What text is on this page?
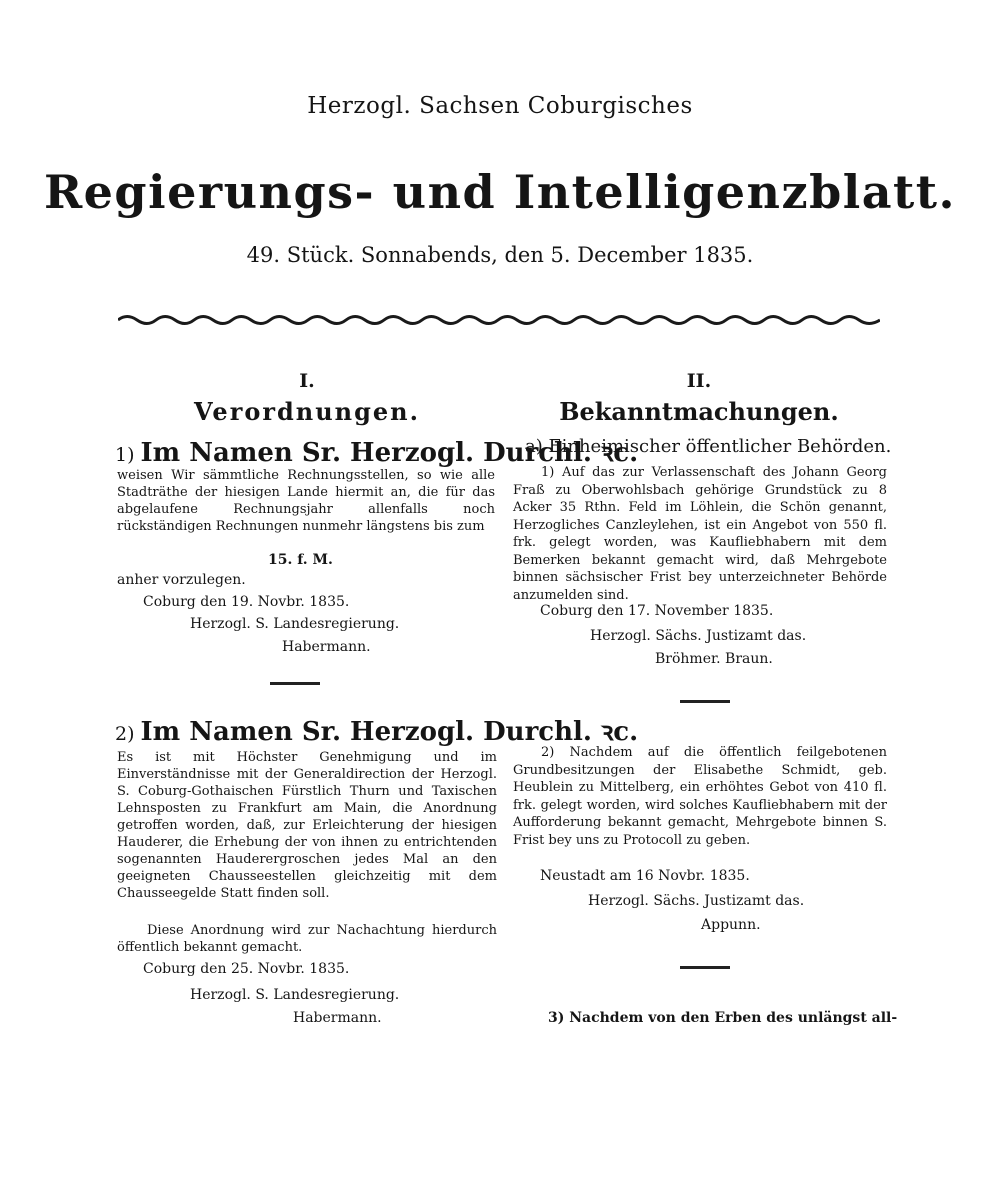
Herzogl. Sachsen Coburgisches
Regierungs- und Intelligenzblatt.
49. Stück. Sonnabends, den 5. December 1835.
I.
Verordnungen.
1) Im Namen Sr. Herzogl. Durchl. ꝛc.
weisen Wir sämmtliche Rechnungsstellen, so wie alle Stadträthe der hiesigen Lande hiermit an, die für das abgelaufene Rechnungsjahr allenfalls noch rückständigen Rechnungen nunmehr längstens bis zum
15. f. M.
anher vorzulegen.
Coburg den 19. Novbr. 1835.
Herzogl. S. Landesregierung.
Habermann.
2) Im Namen Sr. Herzogl. Durchl. ꝛc.
Es ist mit Höchster Genehmigung und im Einverständnisse mit der Generaldirection der Herzogl. S. Coburg-Gothaischen Fürstlich Thurn und Taxischen Lehnsposten zu Frankfurt am Main, die Anordnung getroffen worden, daß, zur Erleichterung der hiesigen Hauderer, die Erhebung der von ihnen zu entrichtenden sogenannten Hauderergroschen jedes Mal an den geeigneten Chausseestellen gleichzeitig mit dem Chausseegelde Statt finden soll.
Diese Anordnung wird zur Nachachtung hierdurch öffentlich bekannt gemacht.
Coburg den 25. Novbr. 1835.
Herzogl. S. Landesregierung.
Habermann.
II.
Bekanntmachungen.
a) Einheimischer öffentlicher Behörden.
1) Auf das zur Verlassenschaft des Johann Georg Fraß zu Oberwohlsbach gehörige Grundstück zu 8 Acker 35 Rthn. Feld im Löhlein, die Schön genannt, Herzogliches Canzleylehen, ist ein Angebot von 550 fl. frk. gelegt worden, was Kaufliebhabern mit dem Bemerken bekannt gemacht wird, daß Mehrgebote binnen sächsischer Frist bey unterzeichneter Behörde anzumelden sind.
Coburg den 17. November 1835.
Herzogl. Sächs. Justizamt das.
Bröhmer. Braun.
2) Nachdem auf die öffentlich feilgebotenen Grundbesitzungen der Elisabethe Schmidt, geb. Heublein zu Mittelberg, ein erhöhtes Gebot von 410 fl. frk. gelegt worden, wird solches Kaufliebhabern mit der Aufforderung bekannt gemacht, Mehrgebote binnen S. Frist bey uns zu Protocoll zu geben.
Neustadt am 16 Novbr. 1835.
Herzogl. Sächs. Justizamt das.
Appunn.
3) Nachdem von den Erben des unlängst all-
